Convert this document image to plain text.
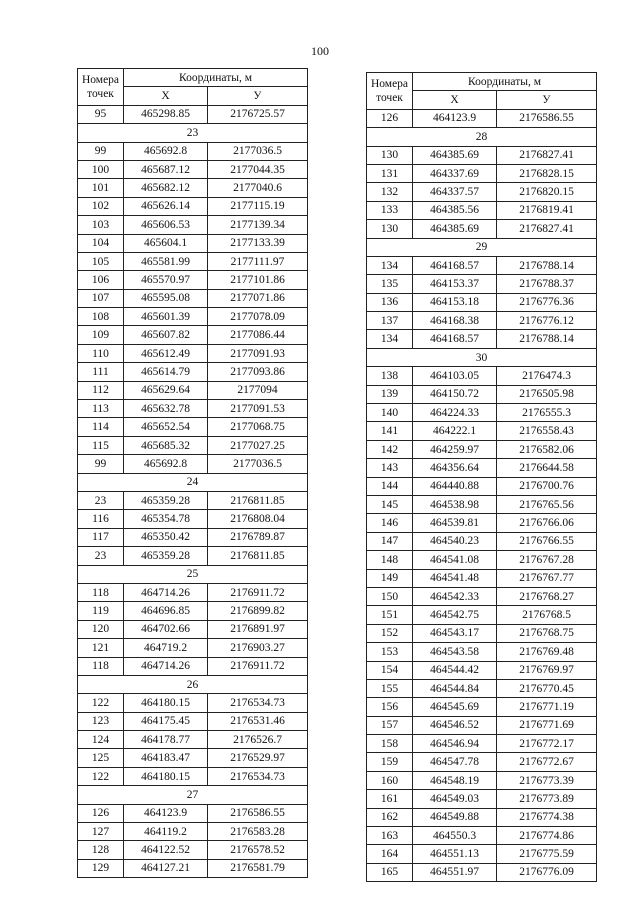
100
Номера
точек	Координаты, м	
	X	У
95	465298.85	2176725.57
23		
99	465692.8	2177036.5
100	465687.12	2177044.35
101	465682.12	2177040.6
102	465626.14	2177115.19
103	465606.53	2177139.34
104	465604.1	2177133.39
105	465581.99	2177111.97
106	465570.97	2177101.86
107	465595.08	2177071.86
108	465601.39	2177078.09
109	465607.82	2177086.44
110	465612.49	2177091.93
111	465614.79	2177093.86
112	465629.64	2177094
113	465632.78	2177091.53
114	465652.54	2177068.75
115	465685.32	2177027.25
99	465692.8	2177036.5
24		
23	465359.28	2176811.85
116	465354.78	2176808.04
117	465350.42	2176789.87
23	465359.28	2176811.85
25		
118	464714.26	2176911.72
119	464696.85	2176899.82
120	464702.66	2176891.97
121	464719.2	2176903.27
118	464714.26	2176911.72
26		
122	464180.15	2176534.73
123	464175.45	2176531.46
124	464178.77	2176526.7
125	464183.47	2176529.97
122	464180.15	2176534.73
27		
126	464123.9	2176586.55
127	464119.2	2176583.28
128	464122.52	2176578.52
129	464127.21	2176581.79
Номера
точек	Координаты, м	
	X	У
126	464123.9	2176586.55
28		
130	464385.69	2176827.41
131	464337.69	2176828.15
132	464337.57	2176820.15
133	464385.56	2176819.41
130	464385.69	2176827.41
29		
134	464168.57	2176788.14
135	464153.37	2176788.37
136	464153.18	2176776.36
137	464168.38	2176776.12
134	464168.57	2176788.14
30		
138	464103.05	2176474.3
139	464150.72	2176505.98
140	464224.33	2176555.3
141	464222.1	2176558.43
142	464259.97	2176582.06
143	464356.64	2176644.58
144	464440.88	2176700.76
145	464538.98	2176765.56
146	464539.81	2176766.06
147	464540.23	2176766.55
148	464541.08	2176767.28
149	464541.48	2176767.77
150	464542.33	2176768.27
151	464542.75	2176768.5
152	464543.17	2176768.75
153	464543.58	2176769.48
154	464544.42	2176769.97
155	464544.84	2176770.45
156	464545.69	2176771.19
157	464546.52	2176771.69
158	464546.94	2176772.17
159	464547.78	2176772.67
160	464548.19	2176773.39
161	464549.03	2176773.89
162	464549.88	2176774.38
163	464550.3	2176774.86
164	464551.13	2176775.59
165	464551.97	2176776.09
